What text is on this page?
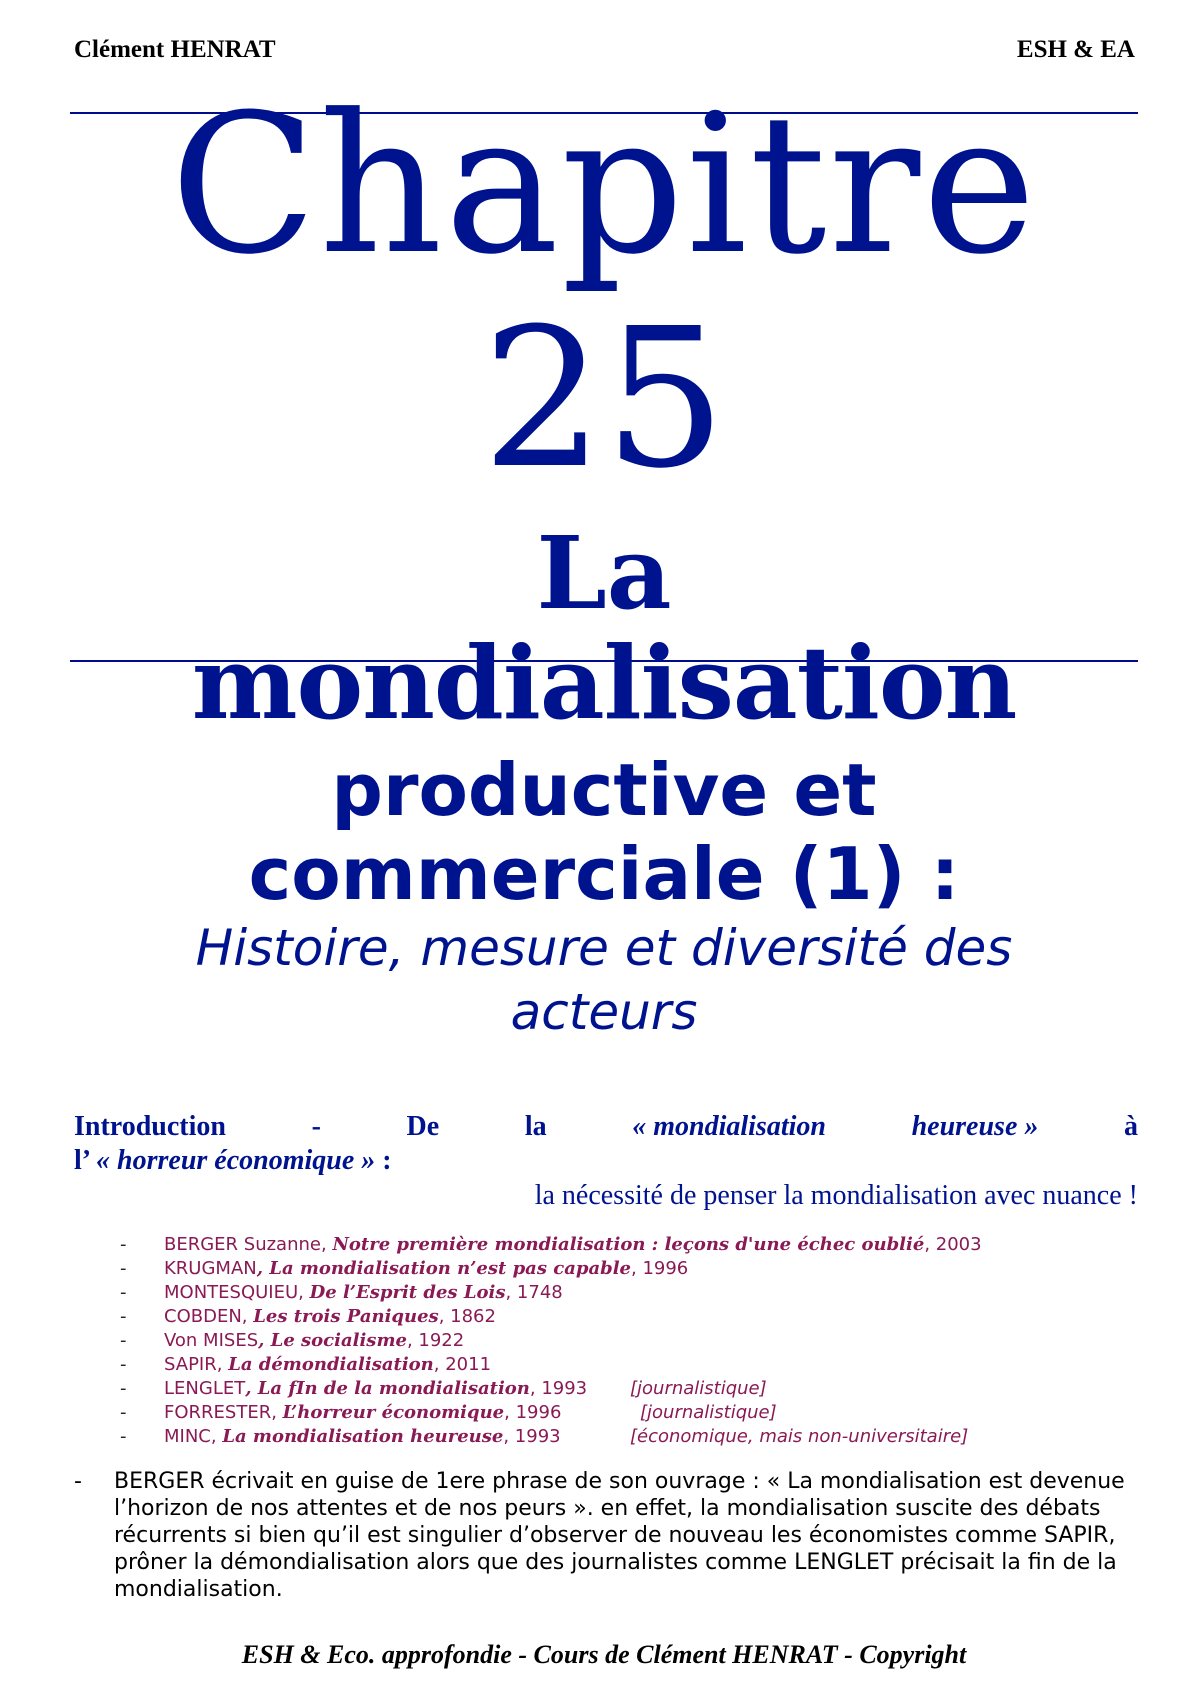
Clément HENRAT	ESH & EA
Chapitre
25
La
mondialisation
productive et
commerciale (1) :
Histoire, mesure et diversité des
acteurs
Introduction	-	De	la	« mondialisation	heureuse »	à
l’ « horreur économique » :
la nécessité de penser la mondialisation avec nuance !
- BERGER Suzanne, Notre première mondialisation : leçons d'une échec oublié, 2003
- KRUGMAN, La mondialisation n’est pas capable, 1996
- MONTESQUIEU, De l’Esprit des Lois, 1748
- COBDEN, Les trois Paniques, 1862
- Von MISES, Le socialisme, 1922
- SAPIR, La démondialisation, 2011
- LENGLET, La fIn de la mondialisation, 1993 [journalistique]
- FORRESTER, L’horreur économique, 1996	[journalistique]
- MINC, La mondialisation heureuse, 1993	[économique, mais non-universitaire]
- BERGER écrivait en guise de 1ere phrase de son ouvrage : « La mondialisation est devenue l’horizon de nos attentes et de nos peurs ». en effet, la mondialisation suscite des débats récurrents si bien qu’il est singulier d’observer de nouveau les économistes comme SAPIR, prôner la démondialisation alors que des journalistes comme LENGLET précisait la fin de la mondialisation.
ESH & Eco. approfondie - Cours de Clément HENRAT - Copyright
